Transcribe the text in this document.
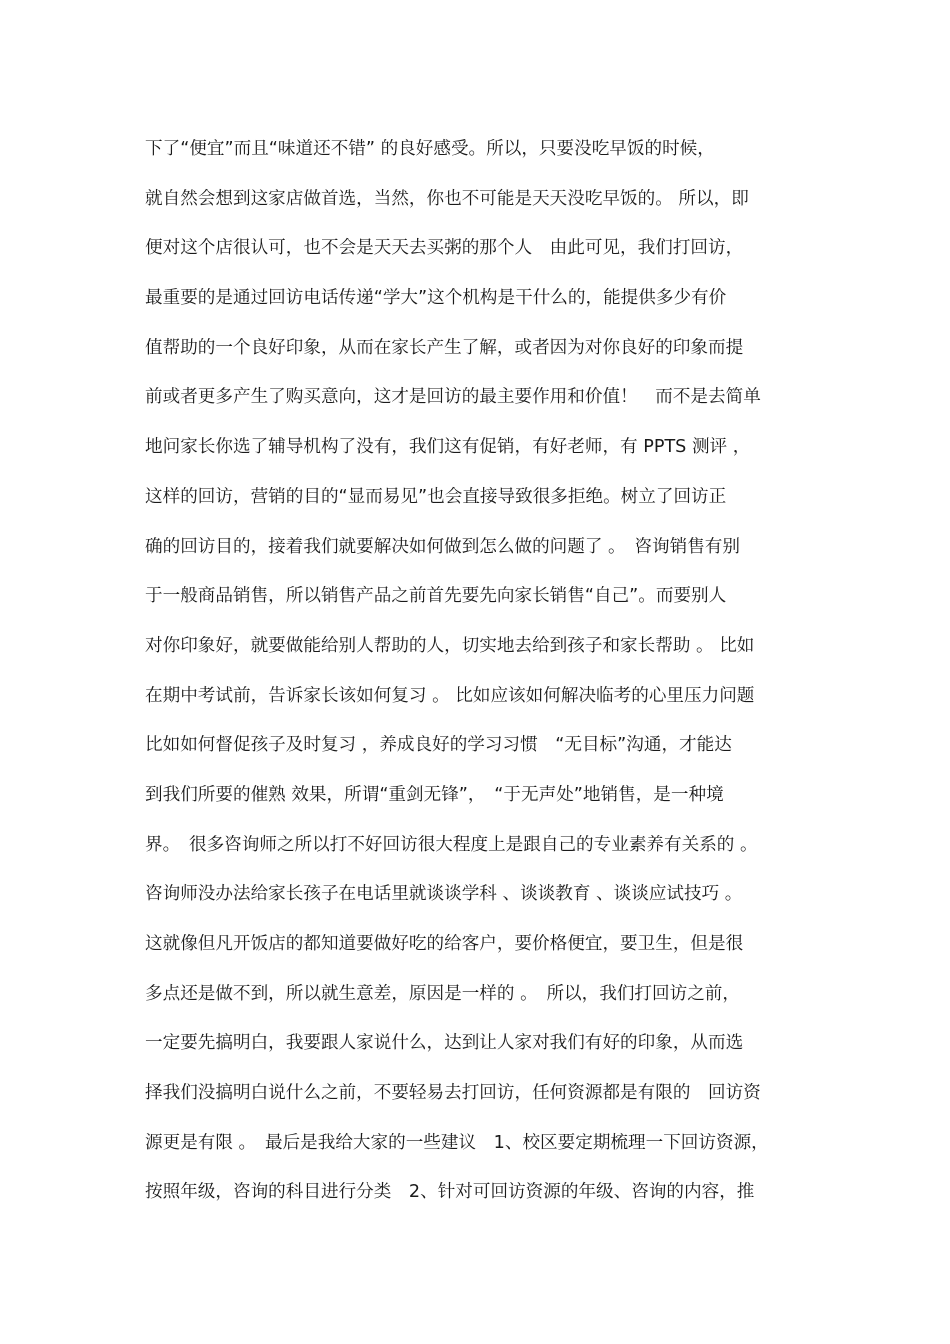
下了“便宜”而且“味道还不错” 的良好感受。所以，只要没吃早饭的时候，
就自然会想到这家店做首选，当然，你也不可能是天天没吃早饭的。 所以，即
便对这个店很认可，也不会是天天去买粥的那个人　由此可见，我们打回访，
最重要的是通过回访电话传递“学大”这个机构是干什么的，能提供多少有价
值帮助的一个良好印象，从而在家长产生了解，或者因为对你良好的印象而提
前或者更多产生了购买意向，这才是回访的最主要作用和价值！　而不是去简单
地问家长你选了辅导机构了没有，我们这有促销，有好老师，有 PPTS 测评 ，
这样的回访，营销的目的“显而易见”也会直接导致很多拒绝。树立了回访正
确的回访目的，接着我们就要解决如何做到怎么做的问题了 。　咨询销售有别
于一般商品销售，所以销售产品之前首先要先向家长销售“自己”。而要别人
对你印象好，就要做能给别人帮助的人，切实地去给到孩子和家长帮助 。 比如
在期中考试前，告诉家长该如何复习 。 比如应该如何解决临考的心里压力问题
比如如何督促孩子及时复习 ，养成良好的学习习惯　“无目标”沟通，才能达
到我们所要的催熟 效果，所谓“重剑无锋”，　“于无声处”地销售，是一种境
界。　很多咨询师之所以打不好回访很大程度上是跟自己的专业素养有关系的 。
咨询师没办法给家长孩子在电话里就谈谈学科 、谈谈教育 、谈谈应试技巧 。
这就像但凡开饭店的都知道要做好吃的给客户，要价格便宜，要卫生，但是很
多点还是做不到，所以就生意差，原因是一样的 。　所以，我们打回访之前，
一定要先搞明白，我要跟人家说什么，达到让人家对我们有好的印象，从而选
择我们没搞明白说什么之前，不要轻易去打回访，任何资源都是有限的　回访资
源更是有限 。　最后是我给大家的一些建议　1、校区要定期梳理一下回访资源，
按照年级，咨询的科目进行分类　2、针对可回访资源的年级、咨询的内容，推
